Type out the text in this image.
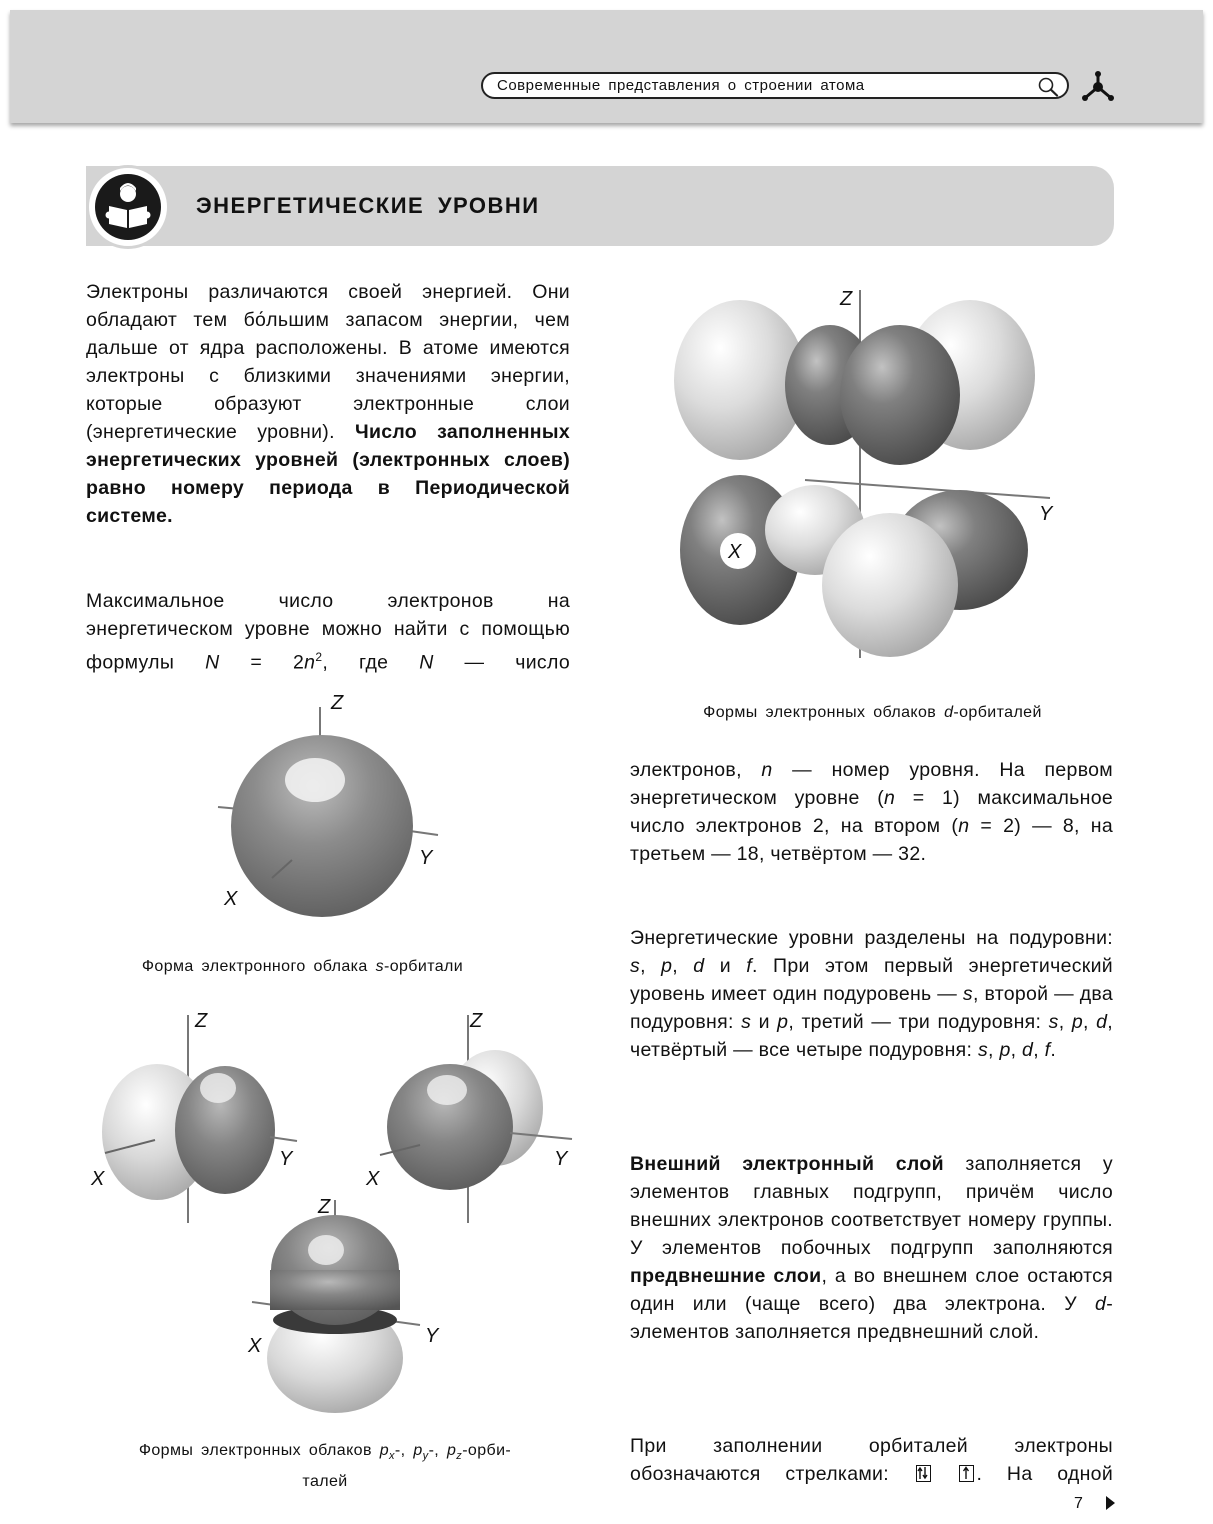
Современные представления о строении атома
ЭНЕРГЕТИЧЕСКИЕ УРОВНИ
Электроны различаются своей энергией. Они обладают тем бо́льшим запасом энергии, чем дальше от ядра расположены. В атоме имеются электроны с близкими значениями энергии, которые образуют электронные слои (энергетические уровни). Число заполненных энергетических уровней (электронных слоев) равно номеру периода в Периодической системе.
Максимальное число электронов на энергетическом уровне можно найти с помощью формулы $N = 2n^2$, где N — число
Z
Y
X
Формы электронных облаков d-орбиталей
Z
Y
X
Форма электронного облака s-орбитали
Z
Y
X
Z
Y
X
Z
Y
X
Формы электронных облаков $p_x-$, $p_y-$, $p_z-орби-$
талей
электронов, n — номер уровня. На первом энергетическом уровне (n = 1) максимальное число электронов 2, на втором (n = 2) — 8, на третьем — 18, четвёртом — 32.
Энергетические уровни разделены на подуровни: s, p, d и f. При этом первый энергетический уровень имеет один подуровень — s, второй — два подуровня: s и p, третий — три подуровня: s, p, d, четвёртый — все четыре подуровня: s, p, d, f.
Внешний электронный слой заполняется у элементов главных подгрупп, причём число внешних электронов соответствует номеру группы. У элементов побочных подгрупп заполняются предвнешние слои, а во внешнем слое остаются один или (чаще всего) два электрона. У d-элементов заполняется предвнешний слой.
При заполнении орбиталей электроны обозначаются стрелками:
	. На одной
7
